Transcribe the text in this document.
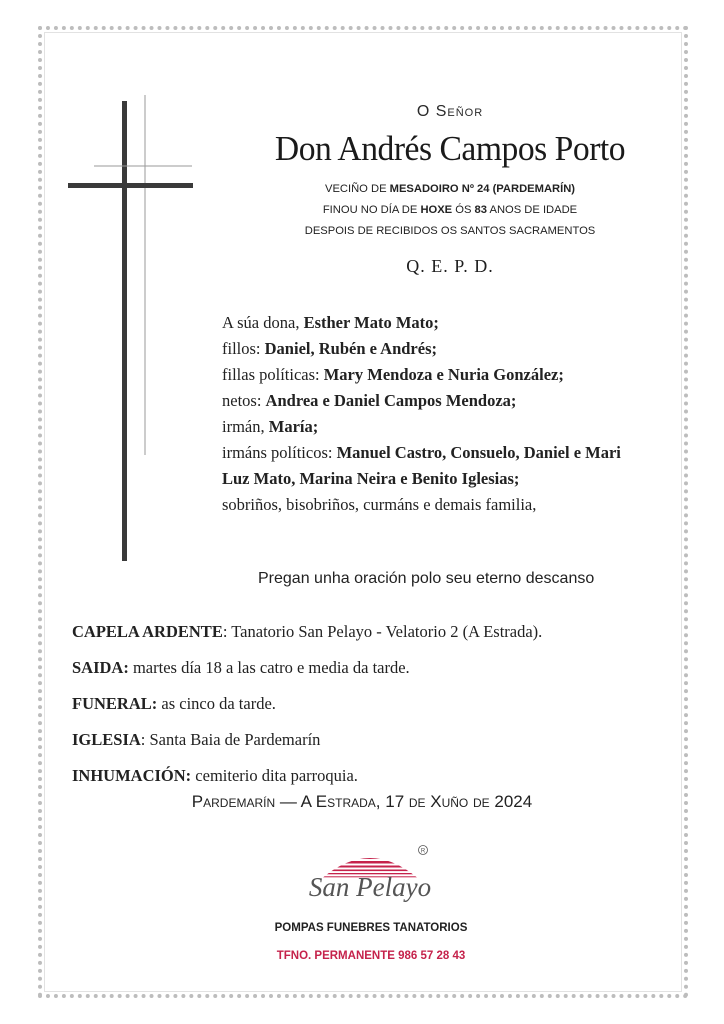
O Señor
Don Andrés Campos Porto
VECIÑO DE MESADOIRO Nº 24 (PARDEMARÍN)
FINOU NO DÍA DE HOXE ÓS 83 ANOS DE IDADE
DESPOIS DE RECIBIDOS OS SANTOS SACRAMENTOS
Q. E. P. D.
A súa dona, Esther Mato Mato;
fillos: Daniel, Rubén e Andrés;
fillas políticas: Mary Mendoza e Nuria González;
netos: Andrea e Daniel Campos Mendoza;
irmán, María;
irmáns políticos: Manuel Castro, Consuelo, Daniel e Mari
Luz Mato, Marina Neira e Benito Iglesias;
sobriños, bisobriños, curmáns e demais familia,
Pregan unha oración polo seu eterno descanso
CAPELA ARDENTE: Tanatorio San Pelayo - Velatorio 2 (A Estrada).
SAIDA: martes día 18 a las catro e media da tarde.
FUNERAL: as cinco da tarde.
IGLESIA: Santa Baia de Pardemarín
INHUMACIÓN: cemiterio dita parroquia.
Pardemarín — A Estrada, 17 de Xuño de 2024
R
San Pelayo
POMPAS FUNEBRES TANATORIOS
TFNO. PERMANENTE 986 57 28 43
